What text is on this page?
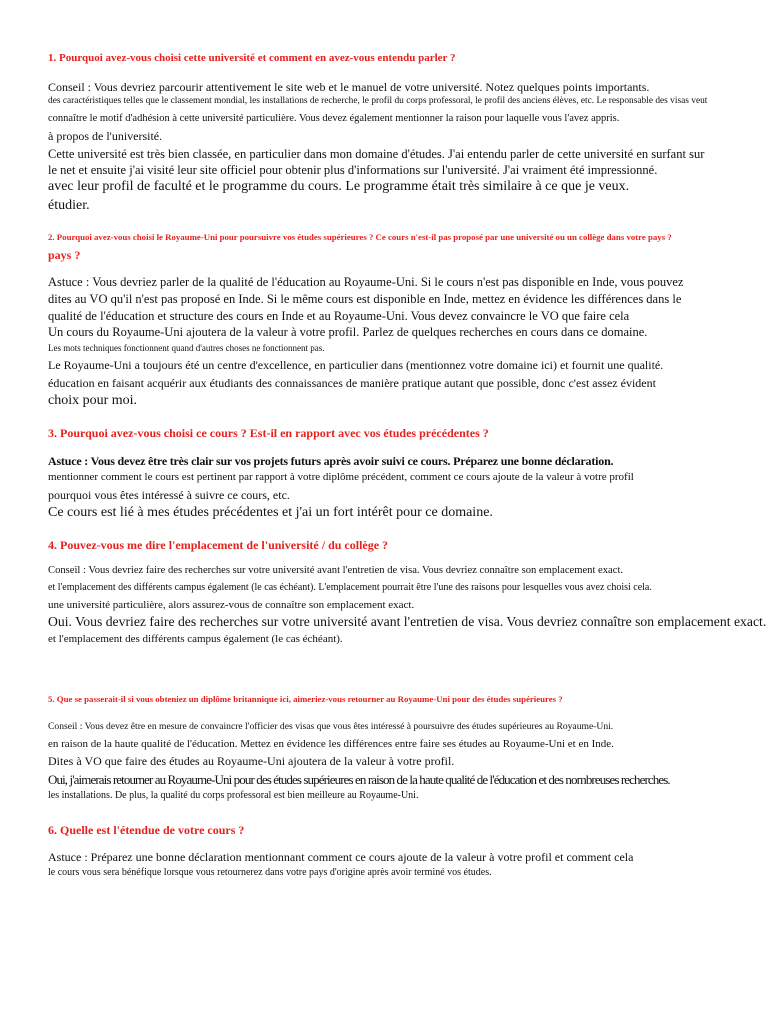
1. Pourquoi avez-vous choisi cette université et comment en avez-vous entendu parler ?

Conseil : Vous devriez parcourir attentivement le site web et le manuel de votre université. Notez quelques points importants.

des caractéristiques telles que le classement mondial, les installations de recherche, le profil du corps professoral, le profil des anciens élèves, etc. Le responsable des visas veut

connaître le motif d'adhésion à cette université particulière. Vous devez également mentionner la raison pour laquelle vous l'avez appris.

à propos de l'université.

Cette université est très bien classée, en particulier dans mon domaine d'études. J'ai entendu parler de cette université en surfant sur

le net et ensuite j'ai visité leur site officiel pour obtenir plus d'informations sur l'université. J'ai vraiment été impressionné.

avec leur profil de faculté et le programme du cours. Le programme était très similaire à ce que je veux.

étudier.

2. Pourquoi avez-vous choisi le Royaume-Uni pour poursuivre vos études supérieures ? Ce cours n'est-il pas proposé par une université ou un collège dans votre pays ?

pays ?

Astuce : Vous devriez parler de la qualité de l'éducation au Royaume-Uni. Si le cours n'est pas disponible en Inde, vous pouvez

dites au VO qu'il n'est pas proposé en Inde. Si le même cours est disponible en Inde, mettez en évidence les différences dans le

qualité de l'éducation et structure des cours en Inde et au Royaume-Uni. Vous devez convaincre le VO que faire cela

Un cours du Royaume-Uni ajoutera de la valeur à votre profil. Parlez de quelques recherches en cours dans ce domaine.

Les mots techniques fonctionnent quand d'autres choses ne fonctionnent pas.

Le Royaume-Uni a toujours été un centre d'excellence, en particulier dans (mentionnez votre domaine ici) et fournit une qualité.

éducation en faisant acquérir aux étudiants des connaissances de manière pratique autant que possible, donc c'est assez évident

choix pour moi.

3. Pourquoi avez-vous choisi ce cours ? Est-il en rapport avec vos études précédentes ?

Astuce : Vous devez être très clair sur vos projets futurs après avoir suivi ce cours. Préparez une bonne déclaration.

mentionner comment le cours est pertinent par rapport à votre diplôme précédent, comment ce cours ajoute de la valeur à votre profil

pourquoi vous êtes intéressé à suivre ce cours, etc.

Ce cours est lié à mes études précédentes et j'ai un fort intérêt pour ce domaine.

4. Pouvez-vous me dire l'emplacement de l'université / du collège ?

Conseil : Vous devriez faire des recherches sur votre université avant l'entretien de visa. Vous devriez connaître son emplacement exact.

et l'emplacement des différents campus également (le cas échéant). L'emplacement pourrait être l'une des raisons pour lesquelles vous avez choisi cela.

une université particulière, alors assurez-vous de connaître son emplacement exact.

Oui. Vous devriez faire des recherches sur votre université avant l'entretien de visa. Vous devriez connaître son emplacement exact.

et l'emplacement des différents campus également (le cas échéant).

5. Que se passerait-il si vous obteniez un diplôme britannique ici, aimeriez-vous retourner au Royaume-Uni pour des études supérieures ?

Conseil : Vous devez être en mesure de convaincre l'officier des visas que vous êtes intéressé à poursuivre des études supérieures au Royaume-Uni.

en raison de la haute qualité de l'éducation. Mettez en évidence les différences entre faire ses études au Royaume-Uni et en Inde.

Dites à VO que faire des études au Royaume-Uni ajoutera de la valeur à votre profil.

Oui, j'aimerais retourner au Royaume-Uni pour des études supérieures en raison de la haute qualité de l'éducation et des nombreuses recherches.

les installations. De plus, la qualité du corps professoral est bien meilleure au Royaume-Uni.

6. Quelle est l'étendue de votre cours ?

Astuce : Préparez une bonne déclaration mentionnant comment ce cours ajoute de la valeur à votre profil et comment cela

le cours vous sera bénéfique lorsque vous retournerez dans votre pays d'origine après avoir terminé vos études.
